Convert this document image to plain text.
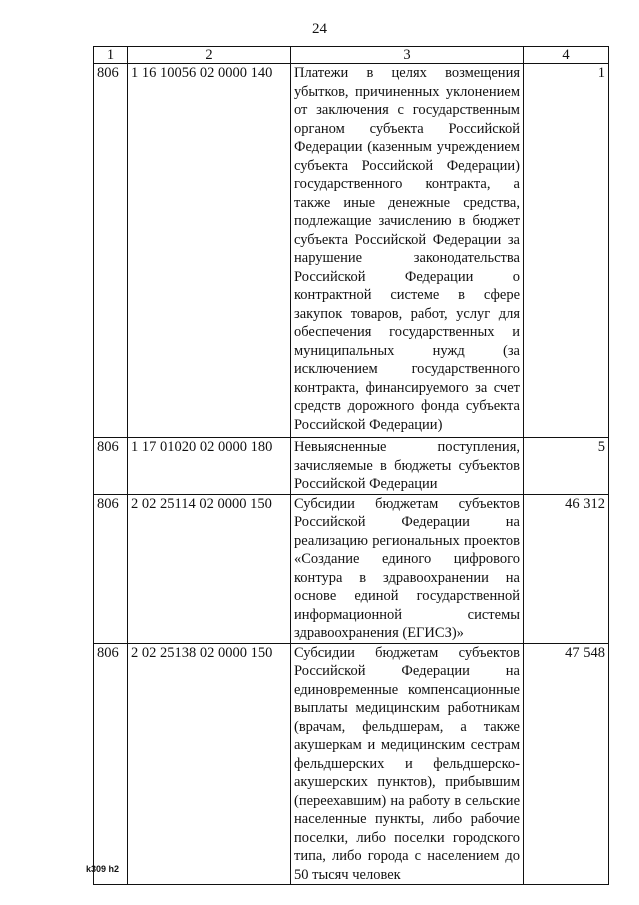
24
1	2	3	4
806	1 16 10056 02 0000 140	Платежи в целях возмещения убытков, причиненных уклонением от заключения с государственным органом субъекта Российской Федерации (казенным учреждением субъекта Российской Федерации) государственного контракта, а также иные денежные средства, подлежащие зачислению в бюджет субъекта Российской Федерации за нарушение законодательства Российской Федерации о контрактной системе в сфере закупок товаров, работ, услуг для обеспечения государственных и муниципальных нужд (за исключением государственного контракта, финансируемого за счет средств дорожного фонда субъекта Российской Федерации)	1
806	1 17 01020 02 0000 180	Невыясненные поступления, зачисляемые в бюджеты субъектов Российской Федерации	5
806	2 02 25114 02 0000 150	Субсидии бюджетам субъектов Российской Федерации на реализацию региональных проектов «Создание единого цифрового контура в здравоохранении на основе единой государственной информационной системы здравоохранения (ЕГИСЗ)»	46 312
806	2 02 25138 02 0000 150	Субсидии бюджетам субъектов Российской Федерации на единовременные компенсационные выплаты медицинским работникам (врачам, фельдшерам, а также акушеркам и медицинским сестрам фельдшерских и фельдшерско-акушерских пунктов), прибывшим (переехавшим) на работу в сельские населенные пункты, либо рабочие поселки, либо поселки городского типа, либо города с населением до 50 тысяч человек	47 548
k309 h2
